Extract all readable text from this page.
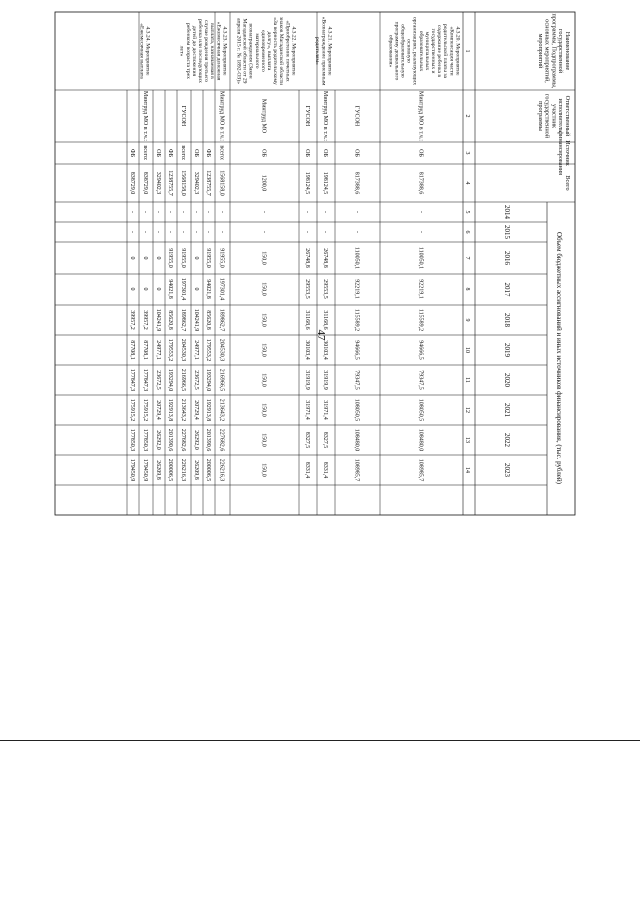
47
Наименованиегосударственнойпрограммы, Подпрограммы,основных мероприятий,мероприятий
Ответственныйисполнитель,участникгосударственнойпрограммы
Источникфинансирования
Всего
Объем бюджетных ассигнований и иных источников финансирования, (тыс. рублей)
2014
2015
2016
2017
2018
2019
2020
2021
2022
2023
1
2
3
4
5
6
7
8
9
10
11
12
13
14
4.3.20. Мероприятие«Компенсация частиродительской платы засодержание ребенка вгосударственных имуниципальныхобразовательныхорганизациях, реализующихосновнуюобщеобразовательнуюпрограмму дошкольногообразования»
Минтруд МО в т.ч.:
ОБ
817388,6
-
-
110050,1
92219,1
115589,2
94666,5
79347,5
108050,5
108480,0
108985,7
ГУСОН
ОБ
817388,6
-
-
110050,1
92219,1
115589,2
94666,5
79347,5
108050,5
108480,0
108985,7
4.3.21. Мероприятие«Вознаграждение приемнымродителям»
Минтруд МО в т.ч.:
ОБ
198124,5
-
-
26748,8
29553,5
31168,6
30103,4
31919,9
31971,4
8327,5
8331,4
ГУСОН
ОБ
198124,5
-
-
26748,8
29553,5
31168,6
30103,4
31919,9
31971,4
8327,5
8331,4
4.3.22. Мероприятие«Приобретение почетныхзнаков Магаданской области«За верность родительскомудолгу», выплатаединовременногоматериальноговознаграждения (ЗаконМагаданской области от 29апреля 2015 г. № 1892-ОЗ)»
Минтруд МО
ОБ
1200,0
-
-
150,0
150,0
150,0
150,0
150,0
150,0
150,0
150,0
4.3.23. Мероприятие«Ежемесячная денежнаявыплата, назначаемая вслучае рождения третьегоребенка или последующихдетей до достиженияребенком возраста трехлет»
Минтруд МО в т.ч.:
всего:
1568158,0
-
-
91955,0
197301,4
189862,7
204530,3
216966,5
213643,2
227682,6
226216,3
ФБ
1238755,7
-
-
91955,0
94021,8
85620,8
179553,2
193294,0
192913,8
201390,6
200006,5
ОБ
329402,3
-
-
0
0
104241,9
24977,1
23672,5
20729,4
26292,0
26209,8
ГУСОН
всего:
1568158,0
-
-
91955,0
197301,4
189862,7
204530,3
216966,5
213643,2
227682,6
226216,3
ФБ
1238755,7
-
-
91955,0
94021,8
85620,8
179553,2
193294,0
192913,8
201390,6
200006,5
ОБ
329402,3
-
-
0
0
104241,9
24977,1
23672,5
20729,4
26292,0
26209,8
4.3.24. Мероприятие«Ежемесячная выплата
Минтруд МО в т.ч.:
всего:
838729,0
-
-
0
0
39957,2
87708,1
177847,3
175915,2
177850,3
179450,9
ФБ
838729,0
-
-
0
0
39957,2
87708,1
177847,3
175915,2
177850,3
179450,9
